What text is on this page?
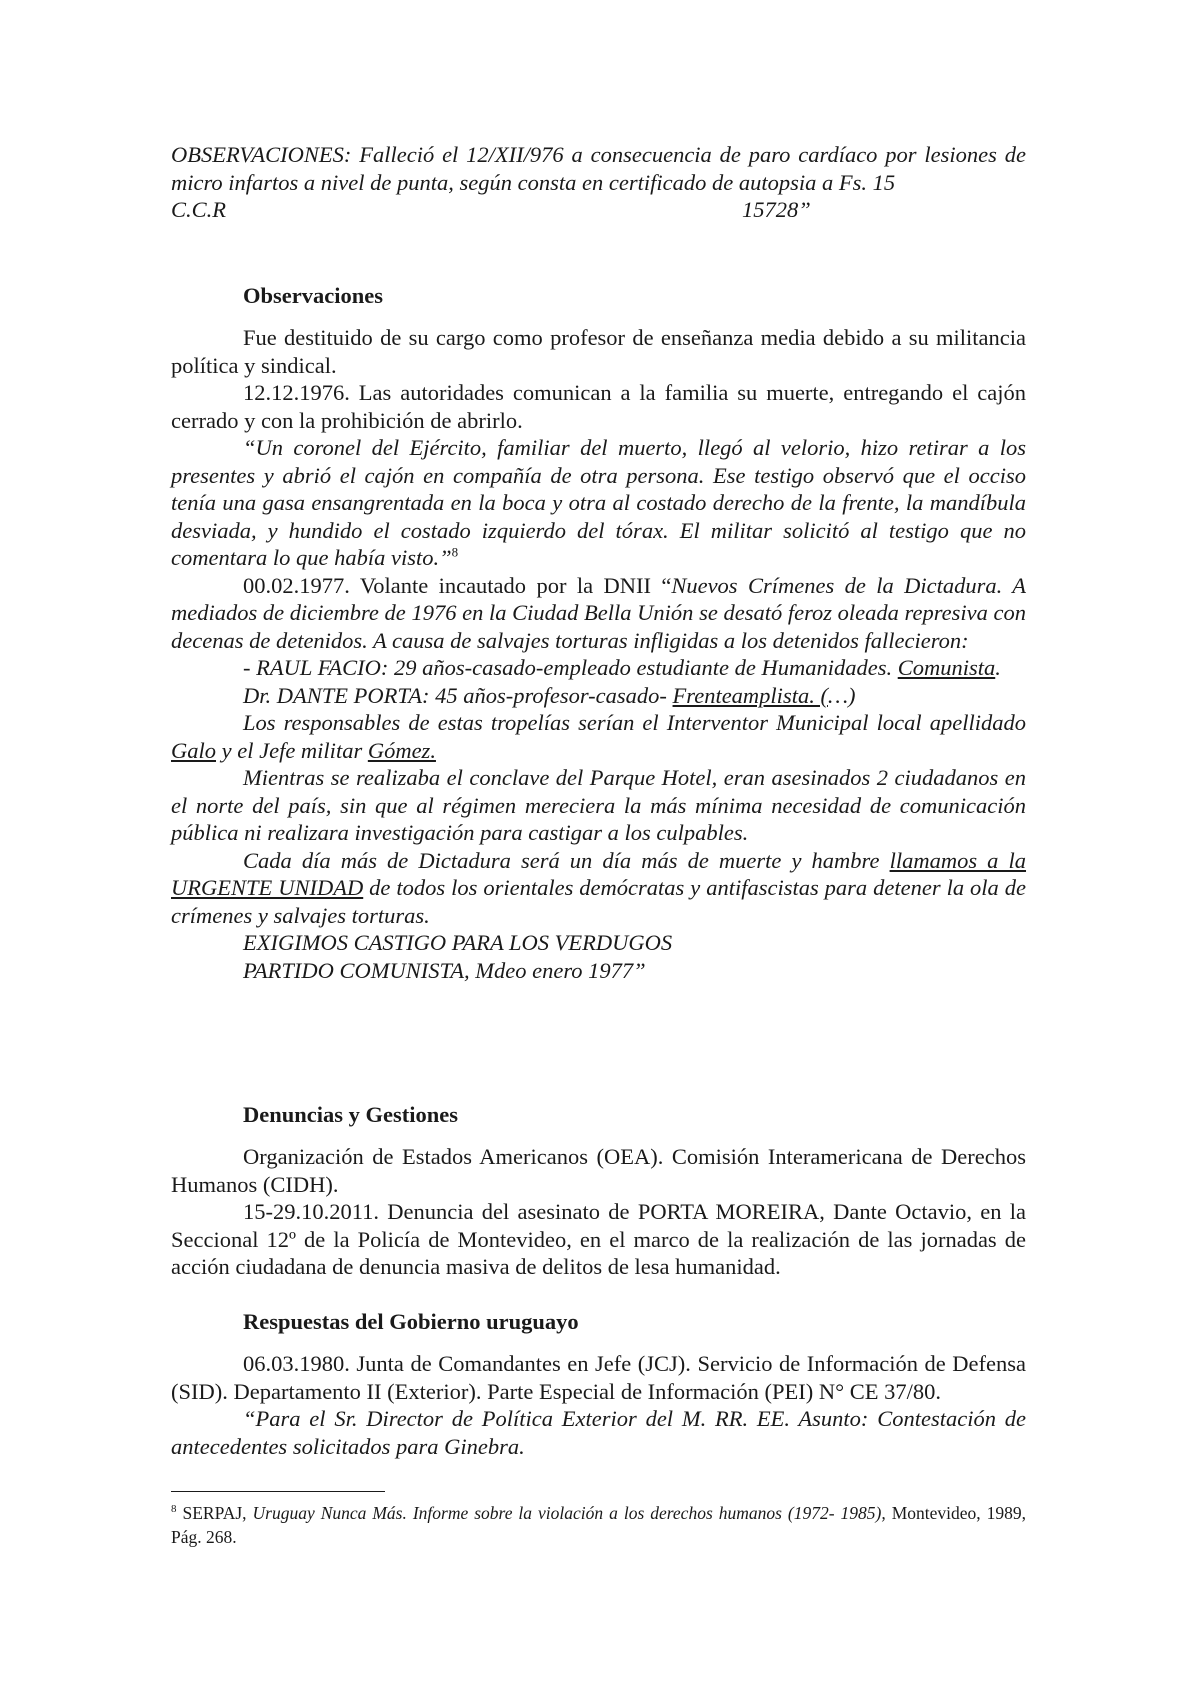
OBSERVACIONES: Falleció el 12/XII/976 a consecuencia de paro cardíaco por lesiones de micro infartos a nivel de punta, según consta en certificado de autopsia a Fs. 15

C.C.R	15728”

Observaciones

Fue destituido de su cargo como profesor de enseñanza media debido a su militancia política y sindical.

12.12.1976. Las autoridades comunican a la familia su muerte, entregando el cajón cerrado y con la prohibición de abrirlo.

“Un coronel del Ejército, familiar del muerto, llegó al velorio, hizo retirar a los presentes y abrió el cajón en compañía de otra persona. Ese testigo observó que el occiso tenía una gasa ensangrentada en la boca y otra al costado derecho de la frente, la mandíbula desviada, y hundido el costado izquierdo del tórax. El militar solicitó al testigo que no comentara lo que había visto.”$^8$

00.02.1977. Volante incautado por la DNII “Nuevos Crímenes de la Dictadura. A mediados de diciembre de 1976 en la Ciudad Bella Unión se desató feroz oleada represiva con decenas de detenidos. A causa de salvajes torturas infligidas a los detenidos fallecieron:

- RAUL FACIO: 29 años-casado-empleado estudiante de Humanidades. Comunista.

Dr. DANTE PORTA: 45 años-profesor-casado- Frenteamplista. (…)

Los responsables de estas tropelías serían el Interventor Municipal local apellidado Galo y el Jefe militar Gómez.

Mientras se realizaba el conclave del Parque Hotel, eran asesinados 2 ciudadanos en el norte del país, sin que al régimen mereciera la más mínima necesidad de comunicación pública ni realizara investigación para castigar a los culpables.

Cada día más de Dictadura será un día más de muerte y hambre llamamos a la URGENTE UNIDAD de todos los orientales demócratas y antifascistas para detener la ola de crímenes y salvajes torturas.

EXIGIMOS CASTIGO PARA LOS VERDUGOS

PARTIDO COMUNISTA, Mdeo enero 1977”

Denuncias y Gestiones

Organización de Estados Americanos (OEA). Comisión Interamericana de Derechos Humanos (CIDH).

15-29.10.2011. Denuncia del asesinato de PORTA MOREIRA, Dante Octavio, en la Seccional 12º de la Policía de Montevideo, en el marco de la realización de las jornadas de acción ciudadana de denuncia masiva de delitos de lesa humanidad.

Respuestas del Gobierno uruguayo

06.03.1980. Junta de Comandantes en Jefe (JCJ). Servicio de Información de Defensa (SID). Departamento II (Exterior). Parte Especial de Información (PEI) N° CE 37/80.

“Para el Sr. Director de Política Exterior del M. RR. EE. Asunto: Contestación de antecedentes solicitados para Ginebra.

$^8$ SERPAJ, Uruguay Nunca Más. Informe sobre la violación a los derechos humanos (1972- 1985), Montevideo, 1989, Pág. 268.
